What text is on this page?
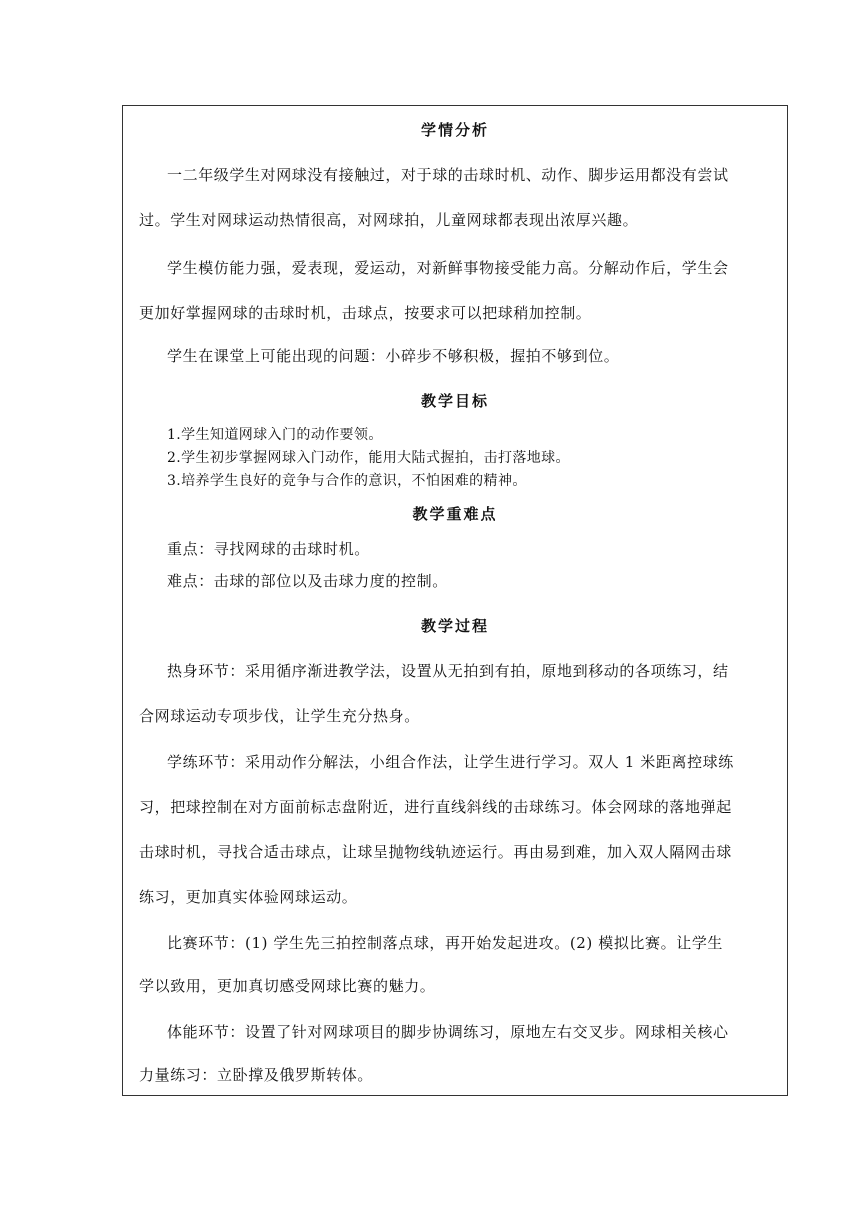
学情分析
一二年级学生对网球没有接触过，对于球的击球时机、动作、脚步运用都没有尝试
过。学生对网球运动热情很高，对网球拍，儿童网球都表现出浓厚兴趣。
学生模仿能力强，爱表现，爱运动，对新鲜事物接受能力高。分解动作后，学生会
更加好掌握网球的击球时机，击球点，按要求可以把球稍加控制。
学生在课堂上可能出现的问题：小碎步不够积极，握拍不够到位。
教学目标
1.学生知道网球入门的动作要领。
2.学生初步掌握网球入门动作，能用大陆式握拍，击打落地球。
3.培养学生良好的竞争与合作的意识，不怕困难的精神。
教学重难点
重点：寻找网球的击球时机。
难点：击球的部位以及击球力度的控制。
教学过程
热身环节：采用循序渐进教学法，设置从无拍到有拍，原地到移动的各项练习，结
合网球运动专项步伐，让学生充分热身。
学练环节：采用动作分解法，小组合作法，让学生进行学习。双人 1 米距离控球练
习，把球控制在对方面前标志盘附近，进行直线斜线的击球练习。体会网球的落地弹起
击球时机，寻找合适击球点，让球呈抛物线轨迹运行。再由易到难，加入双人隔网击球
练习，更加真实体验网球运动。
比赛环节：(1) 学生先三拍控制落点球，再开始发起进攻。(2) 模拟比赛。让学生
学以致用，更加真切感受网球比赛的魅力。
体能环节：设置了针对网球项目的脚步协调练习，原地左右交叉步。网球相关核心
力量练习：立卧撑及俄罗斯转体。
